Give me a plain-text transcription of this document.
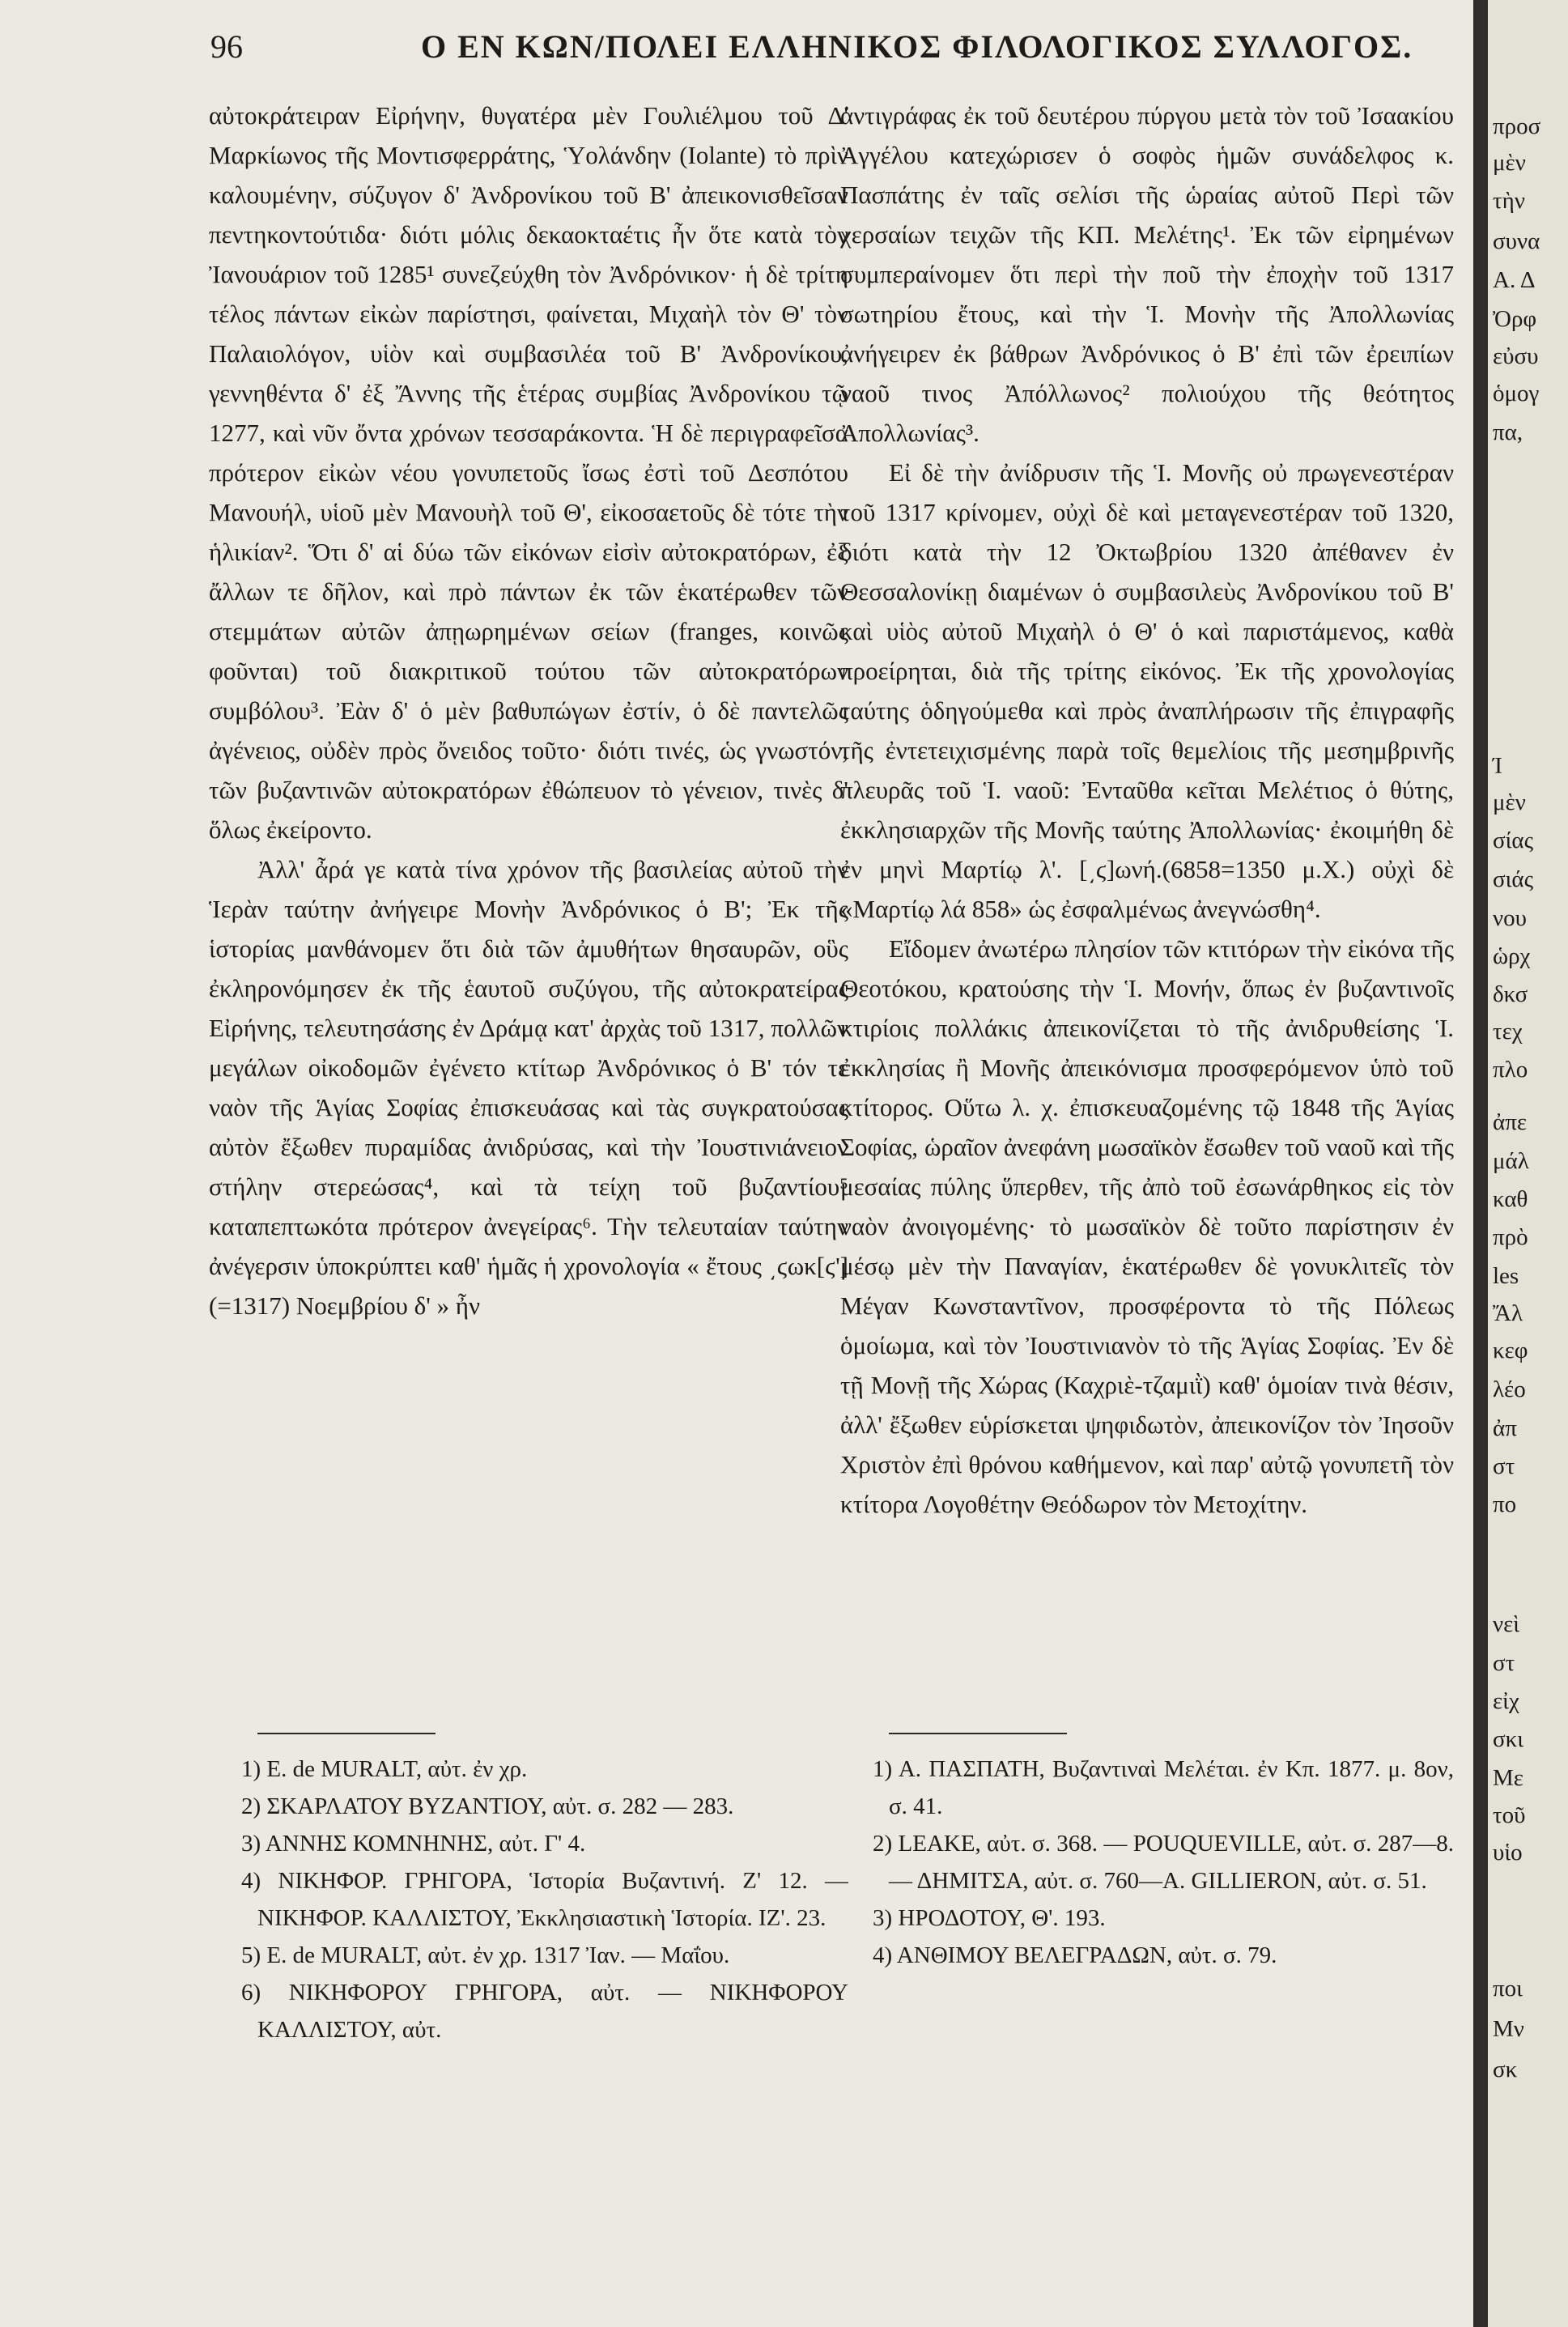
96	Ο ΕΝ ΚΩΝ/ΠΟΛΕΙ ΕΛΛΗΝΙΚΟΣ ΦΙΛΟΛΟΓΙΚΟΣ ΣΥΛΛΟΓΟΣ.

αὐτοκράτειραν Εἰρήνην, θυγατέρα μὲν Γουλιέλμου τοῦ Δ' Μαρκίωνος τῆς Μοντισφερράτης, Ὑολάνδην (Iolante) τὸ πρὶν καλουμένην, σύζυγον δ' Ἀνδρονίκου τοῦ Β' ἀπεικονισθεῖσαν πεντηκοντούτιδα· διότι μόλις δεκαοκταέτις ἦν ὅτε κατὰ τὸν Ἰανουάριον τοῦ 1285¹ συνεζεύχθη τὸν Ἀνδρόνικον· ἡ δὲ τρίτη τέλος πάντων εἰκὼν παρίστησι, φαίνεται, Μιχαὴλ τὸν Θ' τὸν Παλαιολόγον, υἱὸν καὶ συμβασιλέα τοῦ Β' Ἀνδρονίκου, γεννηθέντα δ' ἐξ Ἄννης τῆς ἑτέρας συμβίας Ἀνδρονίκου τῷ 1277, καὶ νῦν ὄντα χρόνων τεσσαράκοντα. Ἡ δὲ περιγραφεῖσα πρότερον εἰκὼν νέου γονυπετοῦς ἴσως ἐστὶ τοῦ Δεσπότου Μανουήλ, υἱοῦ μὲν Μανουὴλ τοῦ Θ', εἰκοσαετοῦς δὲ τότε τὴν ἡλικίαν². Ὅτι δ' αἱ δύω τῶν εἰκόνων εἰσὶν αὐτοκρατόρων, ἐξ ἄλλων τε δῆλον, καὶ πρὸ πάντων ἐκ τῶν ἑκατέρωθεν τῶν στεμμάτων αὐτῶν ἀπῃωρημένων σείων (franges, κοινῶς φοῦνται) τοῦ διακριτικοῦ τούτου τῶν αὐτοκρατόρων συμβόλου³. Ἐὰν δ' ὁ μὲν βαθυπώγων ἐστίν, ὁ δὲ παντελῶς ἀγένειος, οὐδὲν πρὸς ὄνειδος τοῦτο· διότι τινές, ὡς γνωστόν, τῶν βυζαντινῶν αὐτοκρατόρων ἐθώπευον τὸ γένειον, τινὲς δ' ὅλως ἐκείροντο.

Ἀλλ' ἆρά γε κατὰ τίνα χρόνον τῆς βασιλείας αὐτοῦ τὴν Ἱερὰν ταύτην ἀνήγειρε Μονὴν Ἀνδρόνικος ὁ Β'; Ἐκ τῆς ἱστορίας μανθάνομεν ὅτι διὰ τῶν ἀμυθήτων θησαυρῶν, οὓς ἐκληρονόμησεν ἐκ τῆς ἑαυτοῦ συζύγου, τῆς αὐτοκρατείρας Εἰρήνης, τελευτησάσης ἐν Δράμᾳ κατ' ἀρχὰς τοῦ 1317, πολλῶν μεγάλων οἰκοδομῶν ἐγένετο κτίτωρ Ἀνδρόνικος ὁ Β' τόν τε ναὸν τῆς Ἁγίας Σοφίας ἐπισκευάσας καὶ τὰς συγκρατούσας αὐτὸν ἔξωθεν πυραμίδας ἀνιδρύσας, καὶ τὴν Ἰουστινιάνειον στήλην στερεώσας⁴, καὶ τὰ τείχη τοῦ βυζαντίου⁵ καταπεπτωκότα πρότερον ἀνεγείρας⁶. Τὴν τελευταίαν ταύτην ἀνέγερσιν ὑποκρύπτει καθ' ἡμᾶς ἡ χρονολογία « ἔτους ͵ϛωκ[ϛ'](=1317) Νοεμβρίου δ' » ἦν

1) E. de MURALT, αὐτ. ἐν χρ.

2) ΣΚΑΡΛΑΤΟΥ ΒΥΖΑΝΤΙΟΥ, αὐτ. σ. 282 — 283.

3) ΑΝΝΗΣ ΚΟΜΝΗΝΗΣ, αὐτ. Γ' 4.

4) ΝΙΚΗΦΟΡ. ΓΡΗΓΟΡΑ, Ἱστορία Βυζαντινή. Ζ' 12. — ΝΙΚΗΦΟΡ. ΚΑΛΛΙΣΤΟΥ, Ἐκκλησιαστικὴ Ἱστορία. ΙΖ'. 23.

5) E. de MURALT, αὐτ. ἐν χρ. 1317 Ἰαν. — Μαΐου.

6) ΝΙΚΗΦΟΡΟΥ ΓΡΗΓΟΡΑ, αὐτ. — ΝΙΚΗΦΟΡΟΥ ΚΑΛΛΙΣΤΟΥ, αὐτ.

ἀντιγράφας ἐκ τοῦ δευτέρου πύργου μετὰ τὸν τοῦ Ἰσαακίου Ἀγγέλου κατεχώρισεν ὁ σοφὸς ἡμῶν συνάδελφος κ. Πασπάτης ἐν ταῖς σελίσι τῆς ὡραίας αὐτοῦ Περὶ τῶν χερσαίων τειχῶν τῆς ΚΠ. Μελέτης¹. Ἐκ τῶν εἰρημένων συμπεραίνομεν ὅτι περὶ τὴν ποῦ τὴν ἐποχὴν τοῦ 1317 σωτηρίου ἔτους, καὶ τὴν Ἱ. Μονὴν τῆς Ἀπολλωνίας ἀνήγειρεν ἐκ βάθρων Ἀνδρόνικος ὁ Β' ἐπὶ τῶν ἐρειπίων ναοῦ τινος Ἀπόλλωνος² πολιούχου τῆς θεότητος Ἀπολλωνίας³.

Εἰ δὲ τὴν ἀνίδρυσιν τῆς Ἱ. Μονῆς οὐ πρωγενεστέραν τοῦ 1317 κρίνομεν, οὐχὶ δὲ καὶ μεταγενεστέραν τοῦ 1320, διότι κατὰ τὴν 12 Ὀκτωβρίου 1320 ἀπέθανεν ἐν Θεσσαλονίκῃ διαμένων ὁ συμβασιλεὺς Ἀνδρονίκου τοῦ Β' καὶ υἱὸς αὐτοῦ Μιχαὴλ ὁ Θ' ὁ καὶ παριστάμενος, καθὰ προείρηται, διὰ τῆς τρίτης εἰκόνος. Ἐκ τῆς χρονολογίας ταύτης ὁδηγούμεθα καὶ πρὸς ἀναπλήρωσιν τῆς ἐπιγραφῆς τῆς ἐντετειχισμένης παρὰ τοῖς θεμελίοις τῆς μεσημβρινῆς πλευρᾶς τοῦ Ἱ. ναοῦ: Ἐνταῦθα κεῖται Μελέτιος ὁ θύτης, ἐκκλησιαρχῶν τῆς Μονῆς ταύτης Ἀπολλωνίας· ἐκοιμήθη δὲ ἐν μηνὶ Μαρτίῳ λ'. [͵ϛ]ωνή.(6858=1350 μ.Χ.) οὐχὶ δὲ «Μαρτίῳ λά 858» ὡς ἐσφαλμένως ἀνεγνώσθη⁴.

Εἴδομεν ἀνωτέρω πλησίον τῶν κτιτόρων τὴν εἰκόνα τῆς Θεοτόκου, κρατούσης τὴν Ἱ. Μονήν, ὅπως ἐν βυζαντινοῖς κτιρίοις πολλάκις ἀπεικονίζεται τὸ τῆς ἀνιδρυθείσης Ἱ. ἐκκλησίας ἢ Μονῆς ἀπεικόνισμα προσφερόμενον ὑπὸ τοῦ κτίτορος. Οὕτω λ. χ. ἐπισκευαζομένης τῷ 1848 τῆς Ἁγίας Σοφίας, ὡραῖον ἀνεφάνη μωσαϊκὸν ἔσωθεν τοῦ ναοῦ καὶ τῆς μεσαίας πύλης ὕπερθεν, τῆς ἀπὸ τοῦ ἐσωνάρθηκος εἰς τὸν ναὸν ἀνοιγομένης· τὸ μωσαϊκὸν δὲ τοῦτο παρίστησιν ἐν μέσῳ μὲν τὴν Παναγίαν, ἑκατέρωθεν δὲ γονυκλιτεῖς τὸν Μέγαν Κωνσταντῖνον, προσφέροντα τὸ τῆς Πόλεως ὁμοίωμα, καὶ τὸν Ἰουστινιανὸν τὸ τῆς Ἁγίας Σοφίας. Ἐν δὲ τῇ Μονῇ τῆς Χώρας (Καχριὲ-τζαμιῒ) καθ' ὁμοίαν τινὰ θέσιν, ἀλλ' ἔξωθεν εὑρίσκεται ψηφιδωτὸν, ἀπεικονίζον τὸν Ἰησοῦν Χριστὸν ἐπὶ θρόνου καθήμενον, καὶ παρ' αὐτῷ γονυπετῆ τὸν κτίτορα Λογοθέτην Θεόδωρον τὸν Μετοχίτην.

1) Α. ΠΑΣΠΑΤΗ, Βυζαντιναὶ Μελέται. ἐν Κπ. 1877. μ. 8ον, σ. 41.

2) LEAKE, αὐτ. σ. 368. — POUQUEVILLE, αὐτ. σ. 287—8. — ΔΗΜΙΤΣΑ, αὐτ. σ. 760—Α. GILLIERON, αὐτ. σ. 51.

3) ΗΡΟΔΟΤΟΥ, Θ'. 193.

4) ΑΝΘΙΜΟΥ ΒΕΛΕΓΡΑΔΩΝ, αὐτ. σ. 79.

προσ
μὲν
τὴν
συνα
Α. Δ
Ὀρφ
εὐσυ
ὁμογ
πα,
Ί
μὲν
σίας
σιάς
νου
ὡρχ
δκσ
τεχ
πλο
ἀπε
μάλ
καθ
πρὸ
les
Ἄλ
κεφ
λέο
ἀπ
στ
πο
νεὶ
στ
εἰχ
σκι
Με
τοῦ
υἱο
ποι
Μν
σκ
